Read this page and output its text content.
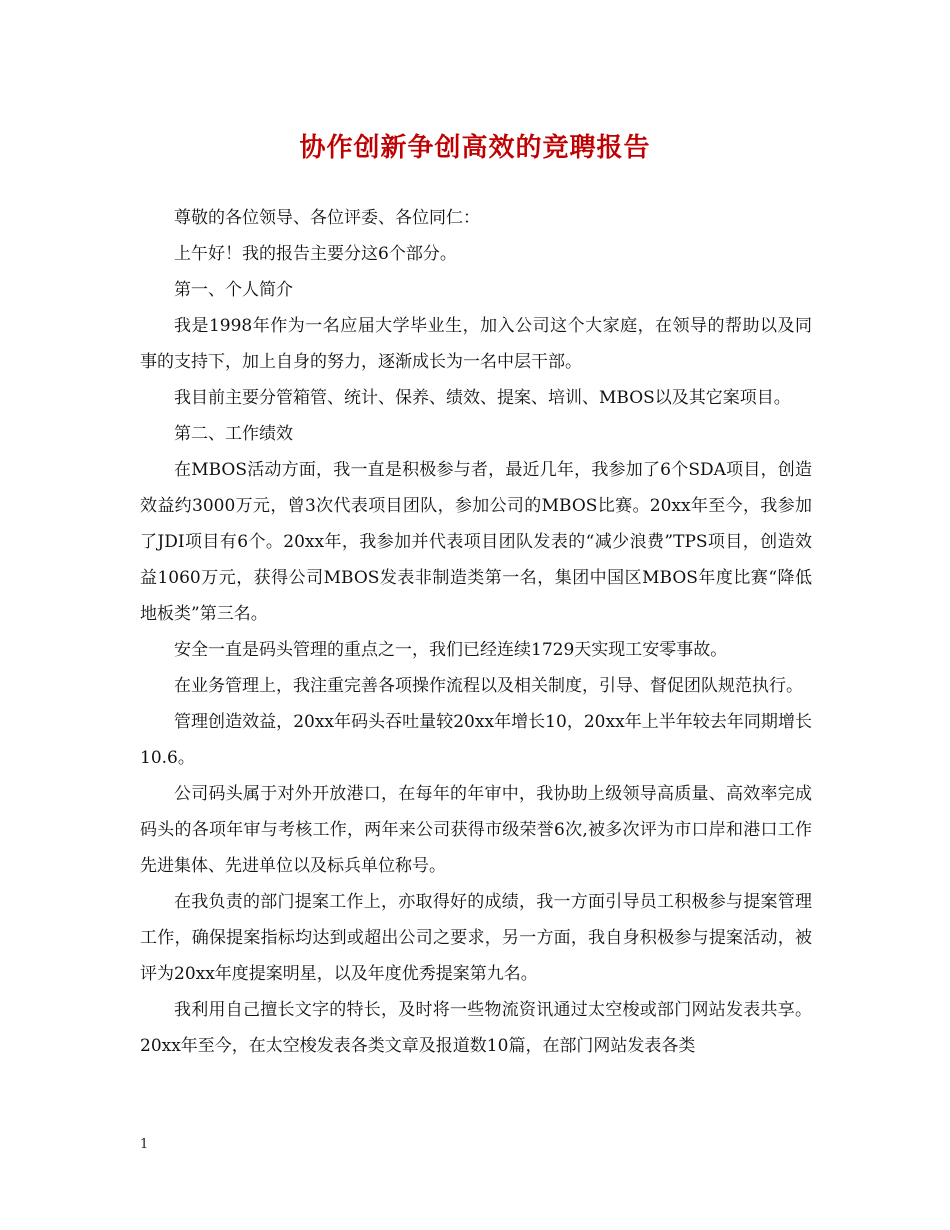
协作创新争创高效的竞聘报告

尊敬的各位领导、各位评委、各位同仁：

上午好！我的报告主要分这6个部分。

第一、个人简介

我是1998年作为一名应届大学毕业生，加入公司这个大家庭，在领导的帮助以及同事的支持下，加上自身的努力，逐渐成长为一名中层干部。

我目前主要分管箱管、统计、保养、绩效、提案、培训、MBOS以及其它案项目。

第二、工作绩效

在MBOS活动方面，我一直是积极参与者，最近几年，我参加了6个SDA项目，创造效益约3000万元，曾3次代表项目团队，参加公司的MBOS比赛。20xx年至今，我参加了JDI项目有6个。20xx年，我参加并代表项目团队发表的“减少浪费”TPS项目，创造效益1060万元，获得公司MBOS发表非制造类第一名，集团中国区MBOS年度比赛“降低地板类”第三名。

安全一直是码头管理的重点之一，我们已经连续1729天实现工安零事故。

在业务管理上，我注重完善各项操作流程以及相关制度，引导、督促团队规范执行。

管理创造效益，20xx年码头吞吐量较20xx年增长10，20xx年上半年较去年同期增长10.6。

公司码头属于对外开放港口，在每年的年审中，我协助上级领导高质量、高效率完成码头的各项年审与考核工作，两年来公司获得市级荣誉6次,被多次评为市口岸和港口工作先进集体、先进单位以及标兵单位称号。

在我负责的部门提案工作上，亦取得好的成绩，我一方面引导员工积极参与提案管理工作，确保提案指标均达到或超出公司之要求，另一方面，我自身积极参与提案活动，被评为20xx年度提案明星，以及年度优秀提案第九名。

我利用自己擅长文字的特长，及时将一些物流资讯通过太空梭或部门网站发表共享。20xx年至今，在太空梭发表各类文章及报道数10篇，在部门网站发表各类

1
